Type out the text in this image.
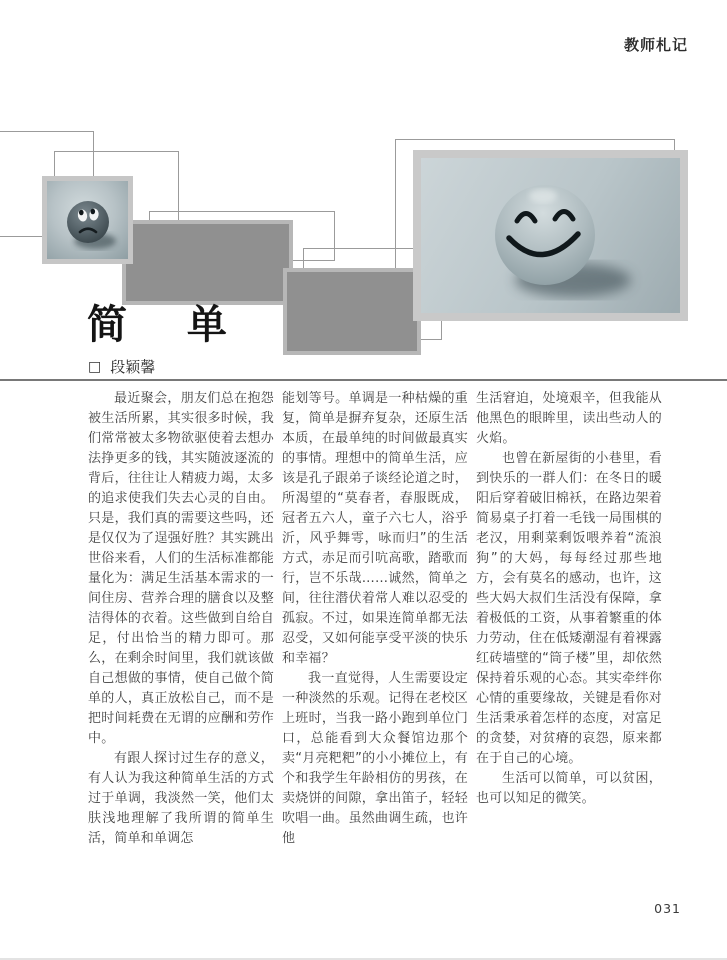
教师札记
简 单
□ 段颖馨

最近聚会，朋友们总在抱怨被生活所累，其实很多时候，我们常常被太多物欲驱使着去想办法挣更多的钱，其实随波逐流的背后，往往让人精疲力竭，太多的追求使我们失去心灵的自由。只是，我们真的需要这些吗，还是仅仅为了逞强好胜？其实跳出世俗来看，人们的生活标准都能量化为：满足生活基本需求的一间住房、营养合理的膳食以及整洁得体的衣着。这些做到自给自足，付出恰当的精力即可。那么，在剩余时间里，我们就该做自己想做的事情，使自己做个简单的人，真正放松自己，而不是把时间耗费在无谓的应酬和劳作中。

有跟人探讨过生存的意义，有人认为我这种简单生活的方式过于单调，我淡然一笑，他们太肤浅地理解了我所谓的简单生活，简单和单调怎

能划等号。单调是一种枯燥的重复，简单是摒弃复杂，还原生活本质，在最单纯的时间做最真实的事情。理想中的简单生活，应该是孔子跟弟子谈经论道之时，所渴望的“莫春者，春服既成，冠者五六人，童子六七人，浴乎沂，风乎舞雩，咏而归”的生活方式，赤足而引吭高歌，踏歌而行，岂不乐哉……诚然，简单之间，往往潜伏着常人难以忍受的孤寂。不过，如果连简单都无法忍受，又如何能享受平淡的快乐和幸福？

我一直觉得，人生需要设定一种淡然的乐观。记得在老校区上班时，当我一路小跑到单位门口，总能看到大众餐馆边那个卖“月亮粑粑”的小小摊位上，有个和我学生年龄相仿的男孩，在卖烧饼的间隙，拿出笛子，轻轻吹唱一曲。虽然曲调生疏，也许他

生活窘迫，处境艰辛，但我能从他黑色的眼眸里，读出些动人的火焰。

也曾在新屋街的小巷里，看到快乐的一群人们：在冬日的暖阳后穿着破旧棉袄，在路边架着简易桌子打着一毛钱一局围棋的老汉，用剩菜剩饭喂养着“流浪狗”的大妈，每每经过那些地方，会有莫名的感动，也许，这些大妈大叔们生活没有保障，拿着极低的工资，从事着繁重的体力劳动，住在低矮潮湿有着裸露红砖墙壁的“筒子楼”里，却依然保持着乐观的心态。其实牵绊你心情的重要缘故，关键是看你对生活秉承着怎样的态度，对富足的贪婪，对贫瘠的哀怨，原来都在于自己的心境。

生活可以简单，可以贫困，也可以知足的微笑。

031
